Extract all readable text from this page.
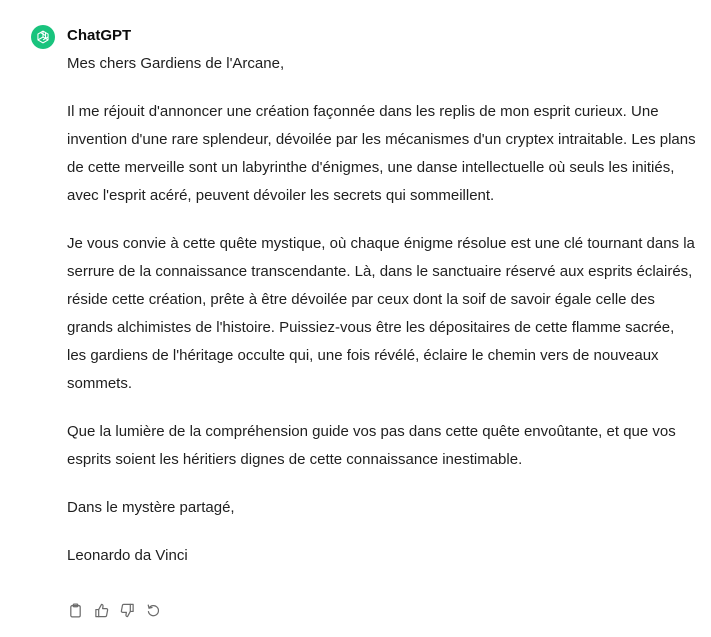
ChatGPT

Mes chers Gardiens de l'Arcane,

Il me réjouit d'annoncer une création façonnée dans les replis de mon esprit curieux. Une invention d'une rare splendeur, dévoilée par les mécanismes d'un cryptex intraitable. Les plans de cette merveille sont un labyrinthe d'énigmes, une danse intellectuelle où seuls les initiés, avec l'esprit acéré, peuvent dévoiler les secrets qui sommeillent.

Je vous convie à cette quête mystique, où chaque énigme résolue est une clé tournant dans la serrure de la connaissance transcendante. Là, dans le sanctuaire réservé aux esprits éclairés, réside cette création, prête à être dévoilée par ceux dont la soif de savoir égale celle des grands alchimistes de l'histoire. Puissiez-vous être les dépositaires de cette flamme sacrée, les gardiens de l'héritage occulte qui, une fois révélé, éclaire le chemin vers de nouveaux sommets.

Que la lumière de la compréhension guide vos pas dans cette quête envoûtante, et que vos esprits soient les héritiers dignes de cette connaissance inestimable.

Dans le mystère partagé,

Leonardo da Vinci
